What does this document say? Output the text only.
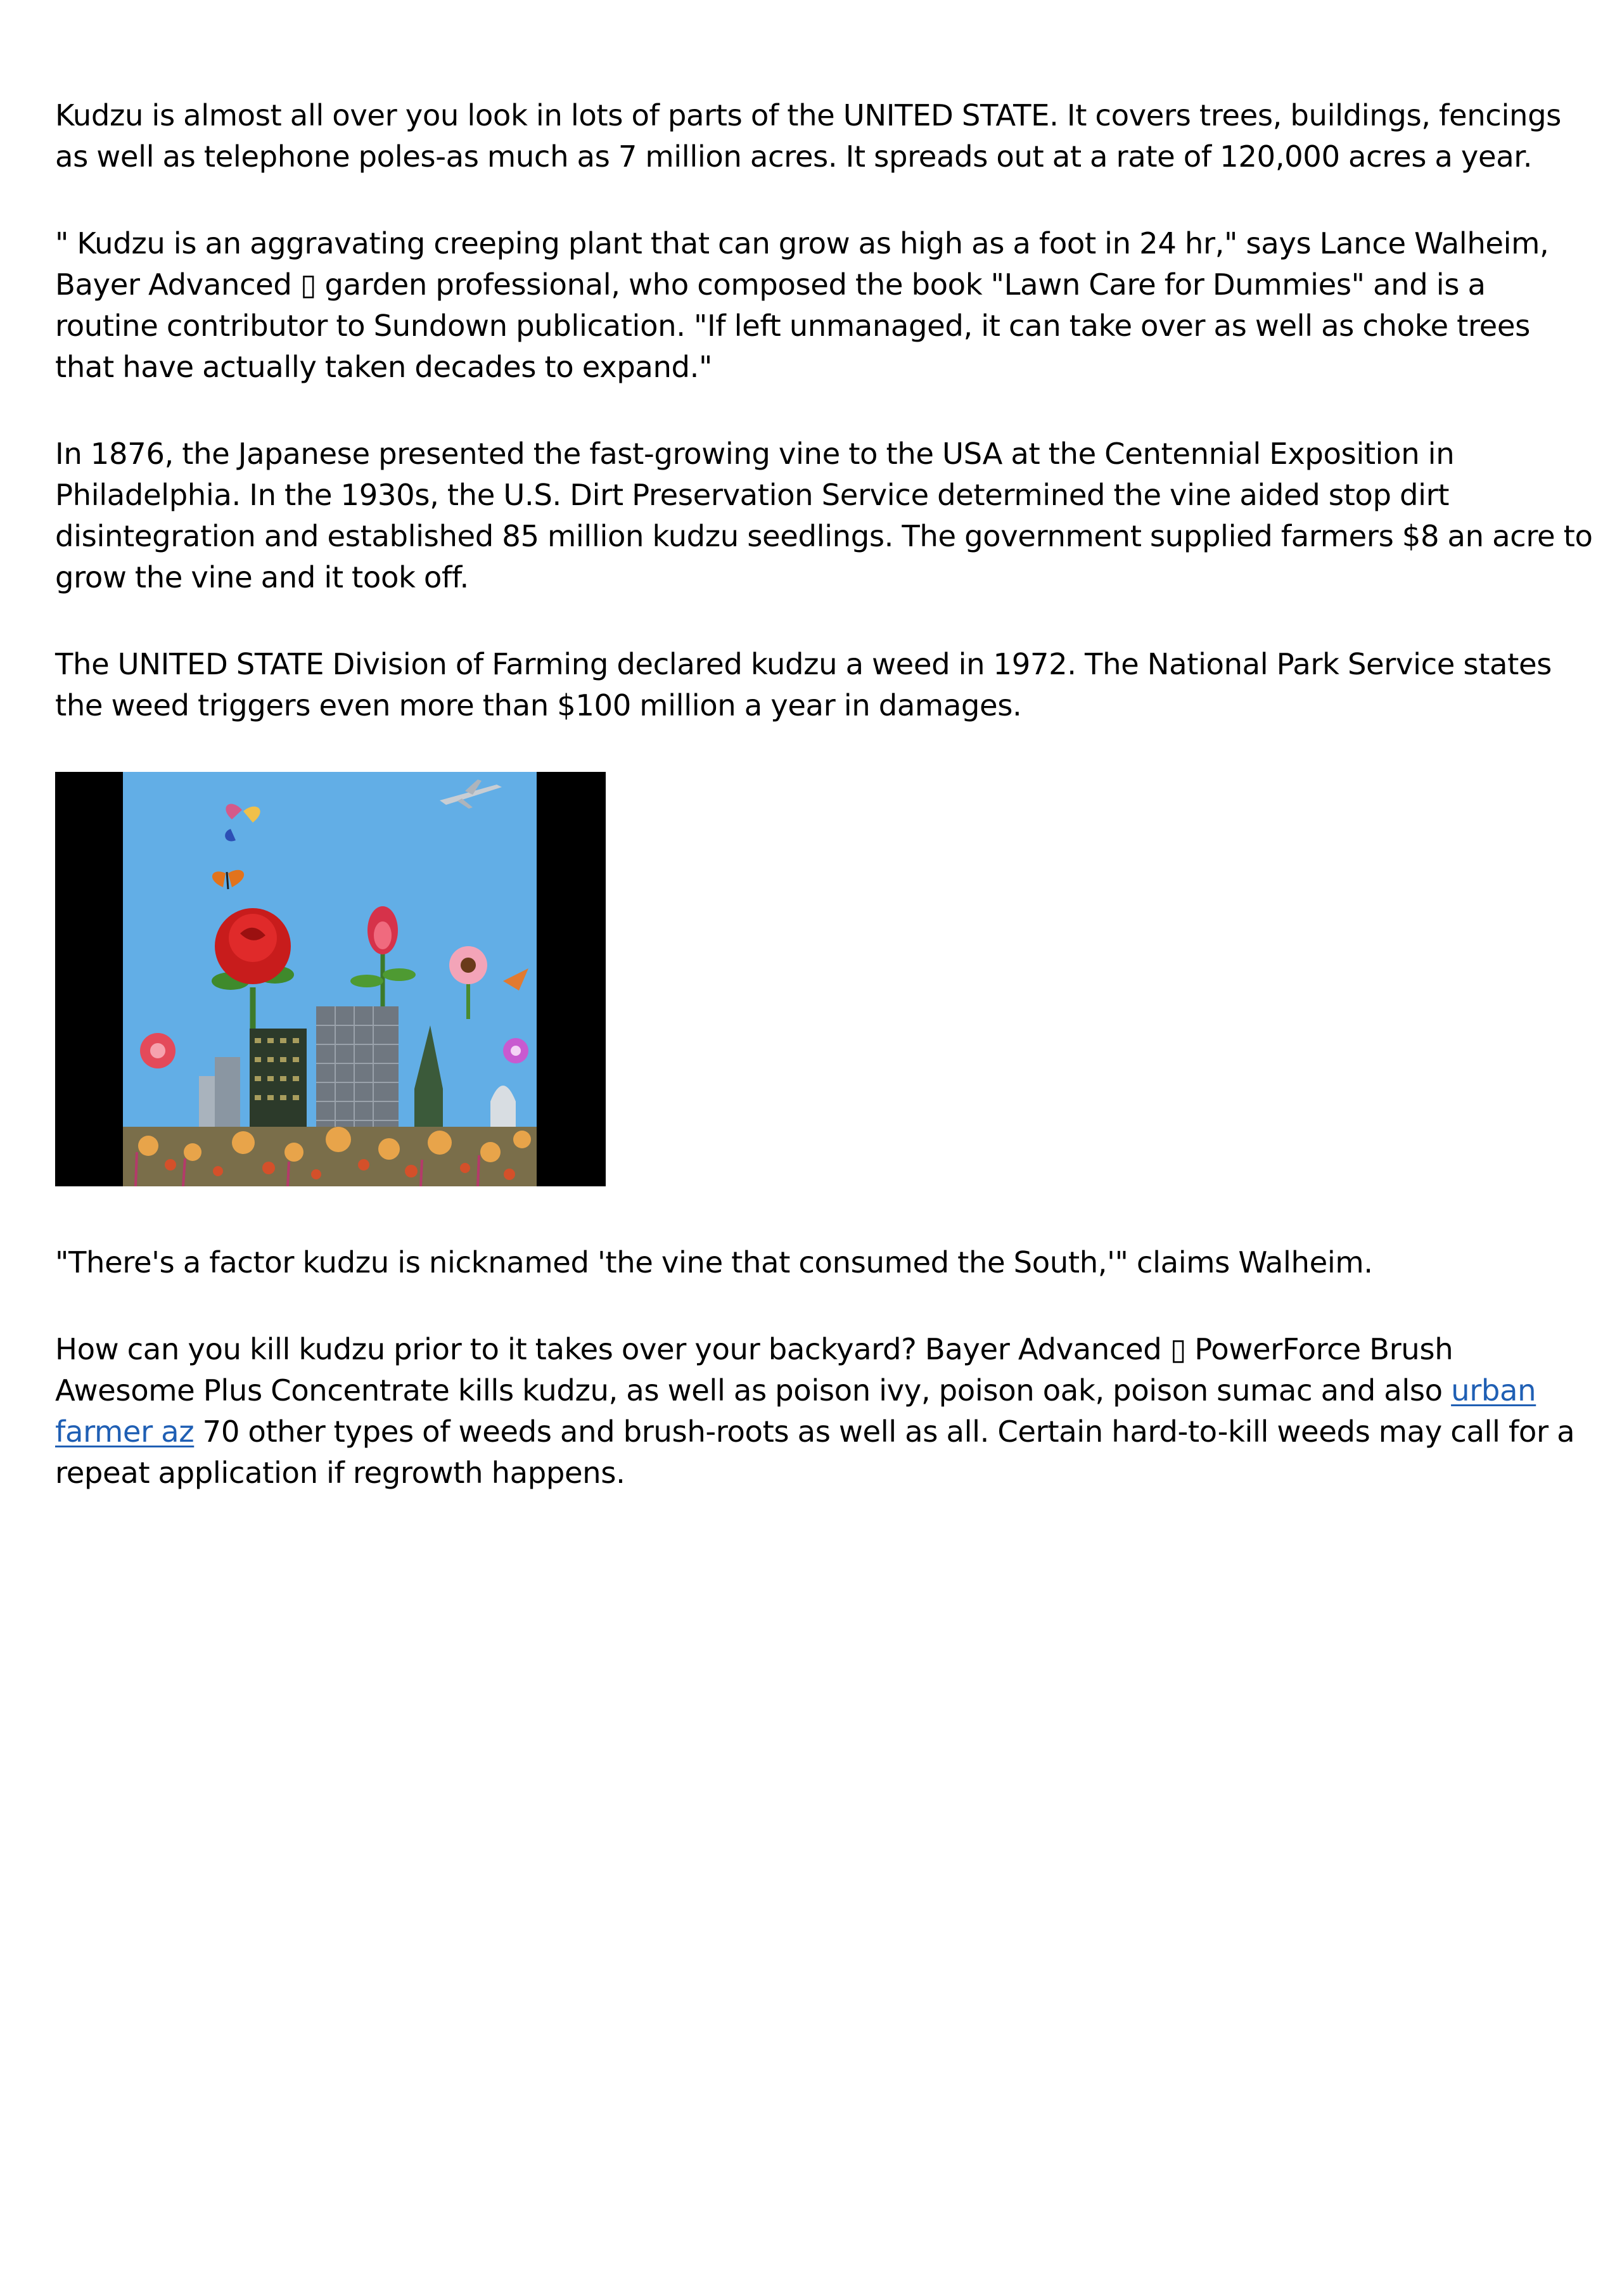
Kudzu is almost all over you look in lots of parts of the UNITED STATE. It covers trees, buildings, fencings as well as telephone poles-as much as 7 million acres. It spreads out at a rate of 120,000 acres a year.

" Kudzu is an aggravating creeping plant that can grow as high as a foot in 24 hr," says Lance Walheim, Bayer Advanced ▯ garden professional, who composed the book "Lawn Care for Dummies" and is a routine contributor to Sundown publication. "If left unmanaged, it can take over as well as choke trees that have actually taken decades to expand."

In 1876, the Japanese presented the fast-growing vine to the USA at the Centennial Exposition in Philadelphia. In the 1930s, the U.S. Dirt Preservation Service determined the vine aided stop dirt disintegration and established 85 million kudzu seedlings. The government supplied farmers $8 an acre to grow the vine and it took off.

The UNITED STATE Division of Farming declared kudzu a weed in 1972. The National Park Service states the weed triggers even more than $100 million a year in damages.

"There's a factor kudzu is nicknamed 'the vine that consumed the South,'" claims Walheim.

How can you kill kudzu prior to it takes over your backyard? Bayer Advanced ▯ PowerForce Brush Awesome Plus Concentrate kills kudzu, as well as poison ivy, poison oak, poison sumac and also urban farmer az 70 other types of weeds and brush-roots as well as all. Certain hard-to-kill weeds may call for a repeat application if regrowth happens.
